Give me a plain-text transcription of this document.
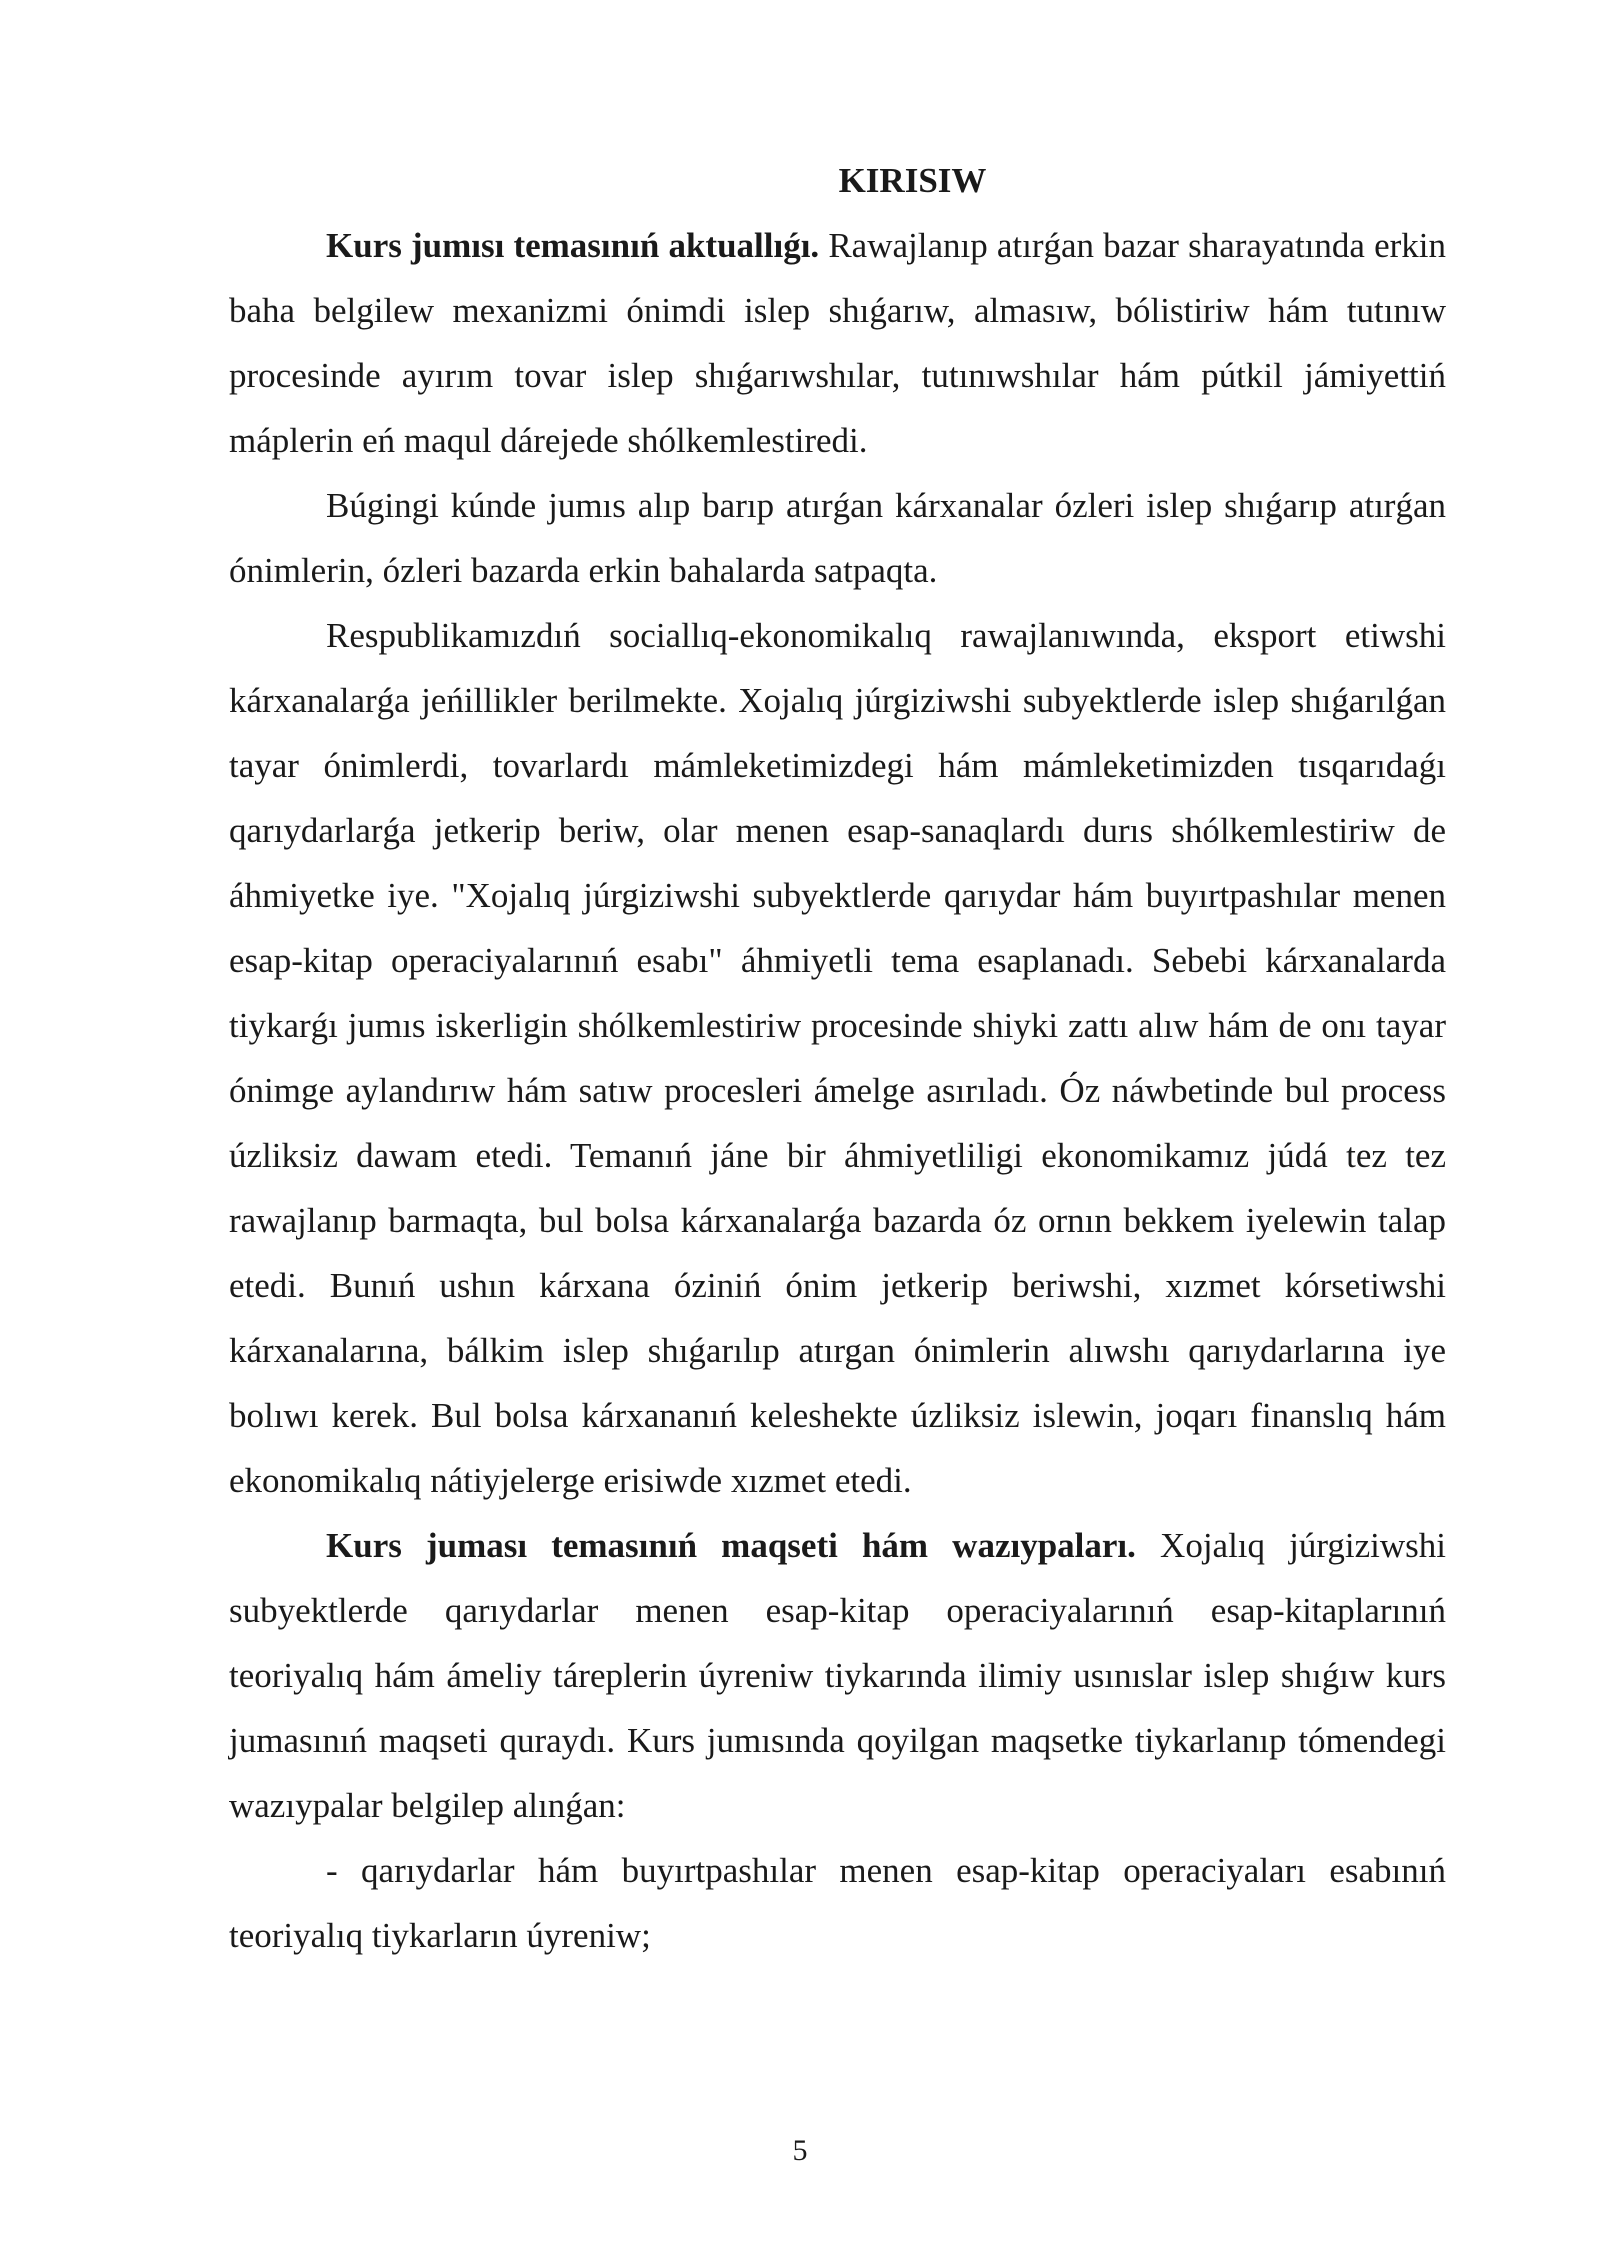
KIRISIW

Kurs jumısı temasınıń aktuallıǵı. Rawajlanıp atırǵan bazar sharayatında erkin baha belgilew mexanizmi ónimdi islep shıǵarıw, almasıw, bólistiriw hám tutınıw procesinde ayırım tovar islep shıǵarıwshılar, tutınıwshılar hám pútkil jámiyettiń máplerin eń maqul dárejede shólkemlestiredi.

Búgingi kúnde jumıs alıp barıp atırǵan kárxanalar ózleri islep shıǵarıp atırǵan ónimlerin, ózleri bazarda erkin bahalarda satpaqta.

Respublikamızdıń sociallıq-ekonomikalıq rawajlanıwında, eksport etiwshi kárxanalarǵa jeńillikler berilmekte. Xojalıq júrgiziwshi subyektlerde islep shıǵarılǵan tayar ónimlerdi, tovarlardı mámleketimizdegi hám mámleketimizden tısqarıdaǵı qarıydarlarǵa jetkerip beriw, olar menen esap-sanaqlardı durıs shólkemlestiriw de áhmiyetke iye. "Xojalıq júrgiziwshi subyektlerde qarıydar hám buyırtpashılar menen esap-kitap operaciyalarınıń esabı" áhmiyetli tema esaplanadı. Sebebi kárxanalarda tiykarǵı jumıs iskerligin shólkemlestiriw procesinde shiyki zattı alıw hám de onı tayar ónimge aylandırıw hám satıw procesleri ámelge asırıladı. Óz náwbetinde bul process úzliksiz dawam etedi. Temanıń jáne bir áhmiyetliligi ekonomikamız júdá tez tez rawajlanıp barmaqta, bul bolsa kárxanalarǵa bazarda óz ornın bekkem iyelewin talap etedi. Bunıń ushın kárxana óziniń ónim jetkerip beriwshi, xızmet kórsetiwshi kárxanalarına, bálkim islep shıǵarılıp atırgan ónimlerin alıwshı qarıydarlarına iye bolıwı kerek. Bul bolsa kárxananıń keleshekte úzliksiz islewin, joqarı finanslıq hám ekonomikalıq nátiyjelerge erisiwde xızmet etedi.

Kurs juması temasınıń maqseti hám wazıypaları. Xojalıq júrgiziwshi subyektlerde qarıydarlar menen esap-kitap operaciyalarınıń esap-kitaplarınıń teoriyalıq hám ámeliy táreplerin úyreniw tiykarında ilimiy usınıslar islep shıǵıw kurs jumasınıń maqseti quraydı. Kurs jumısında qoyilgan maqsetke tiykarlanıp tómendegi wazıypalar belgilep alınǵan:

- qarıydarlar hám buyırtpashılar menen esap-kitap operaciyaları esabınıń teoriyalıq tiykarların úyreniw;

5
